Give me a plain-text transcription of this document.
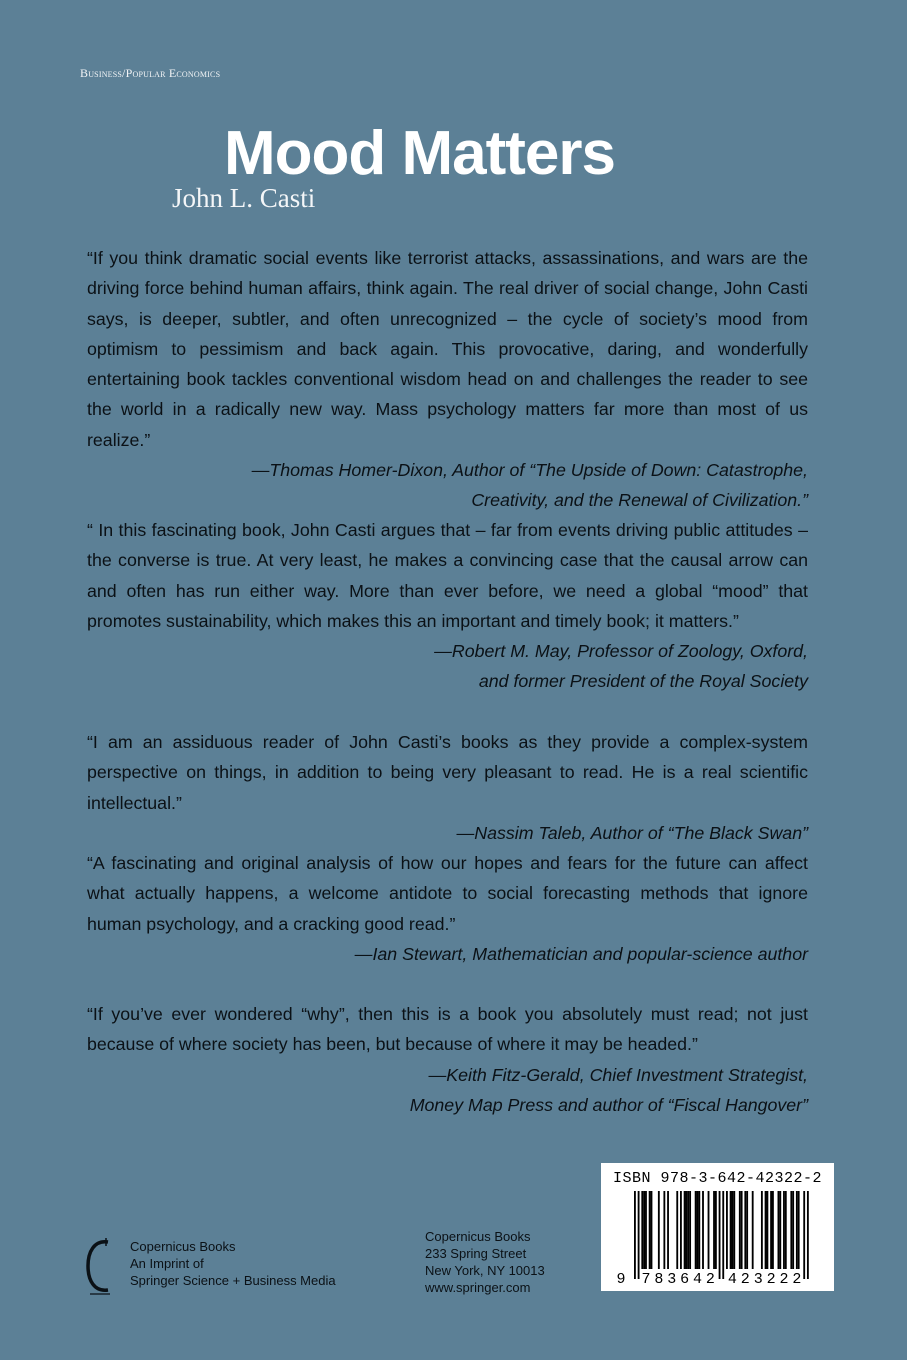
Business/Popular Economics
Mood Matters
John L. Casti

“If you think dramatic social events like terrorist attacks, assassinations, and wars are the driving force behind human affairs, think again. The real driver of social change, John Casti says, is deeper, subtler, and often unrecognized – the cycle of society’s mood from optimism to pessimism and back again. This provocative, daring, and wonderfully entertaining book tackles conventional wisdom head on and challenges the reader to see the world in a radically new way. Mass psychology matters far more than most of us realize.”

—Thomas Homer-Dixon, Author of “The Upside of Down: Catastrophe,

Creativity, and the Renewal of Civilization.”

“ In this fascinating book, John Casti argues that – far from events driving public attitudes – the converse is true. At very least, he makes a convincing case that the causal arrow can and often has run either way. More than ever before, we need a global “mood” that promotes sustainability, which makes this an important and timely book; it matters.”

—Robert M. May, Professor of Zoology, Oxford,

and former President of the Royal Society

“I am an assiduous reader of John Casti’s books as they provide a complex-system perspective on things, in addition to being very pleasant to read. He is a real scientific intellectual.”

—Nassim Taleb, Author of “The Black Swan”

“A fascinating and original analysis of how our hopes and fears for the future can affect what actually happens, a welcome antidote to social forecasting methods that ignore human psychology, and a cracking good read.”

—Ian Stewart, Mathematician and popular-science author

“If you’ve ever wondered “why”, then this is a book you absolutely must read; not just because of where society has been, but because of where it may be headed.”

—Keith Fitz-Gerald, Chief Investment Strategist,

Money Map Press and author of “Fiscal Hangover”

Copernicus Books
An Imprint of
Springer Science + Business Media
Copernicus Books
233 Spring Street
New York, NY 10013
www.springer.com
ISBN 978-3-642-42322-2
9 7 8 3 6 4 2 4 2 3 2 2 2
